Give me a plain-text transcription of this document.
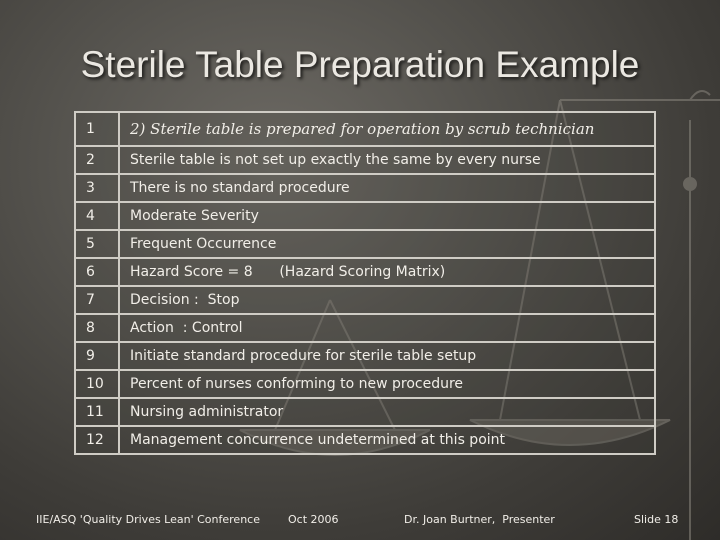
Sterile Table Preparation Example
1	2) Sterile table is prepared for operation by scrub technician
2	Sterile table is not set up exactly the same by every nurse
3	There is no standard procedure
4	Moderate Severity
5	Frequent Occurrence
6	Hazard Score = 8      (Hazard Scoring Matrix)
7	Decision :  Stop
8	Action  : Control
9	Initiate standard procedure for sterile table setup
10	Percent of nurses conforming to new procedure
11	Nursing administrator
12	Management concurrence undetermined at this point
IIE/ASQ 'Quality Drives Lean' Conference	Oct 2006	Dr. Joan Burtner,  Presenter	Slide 18
